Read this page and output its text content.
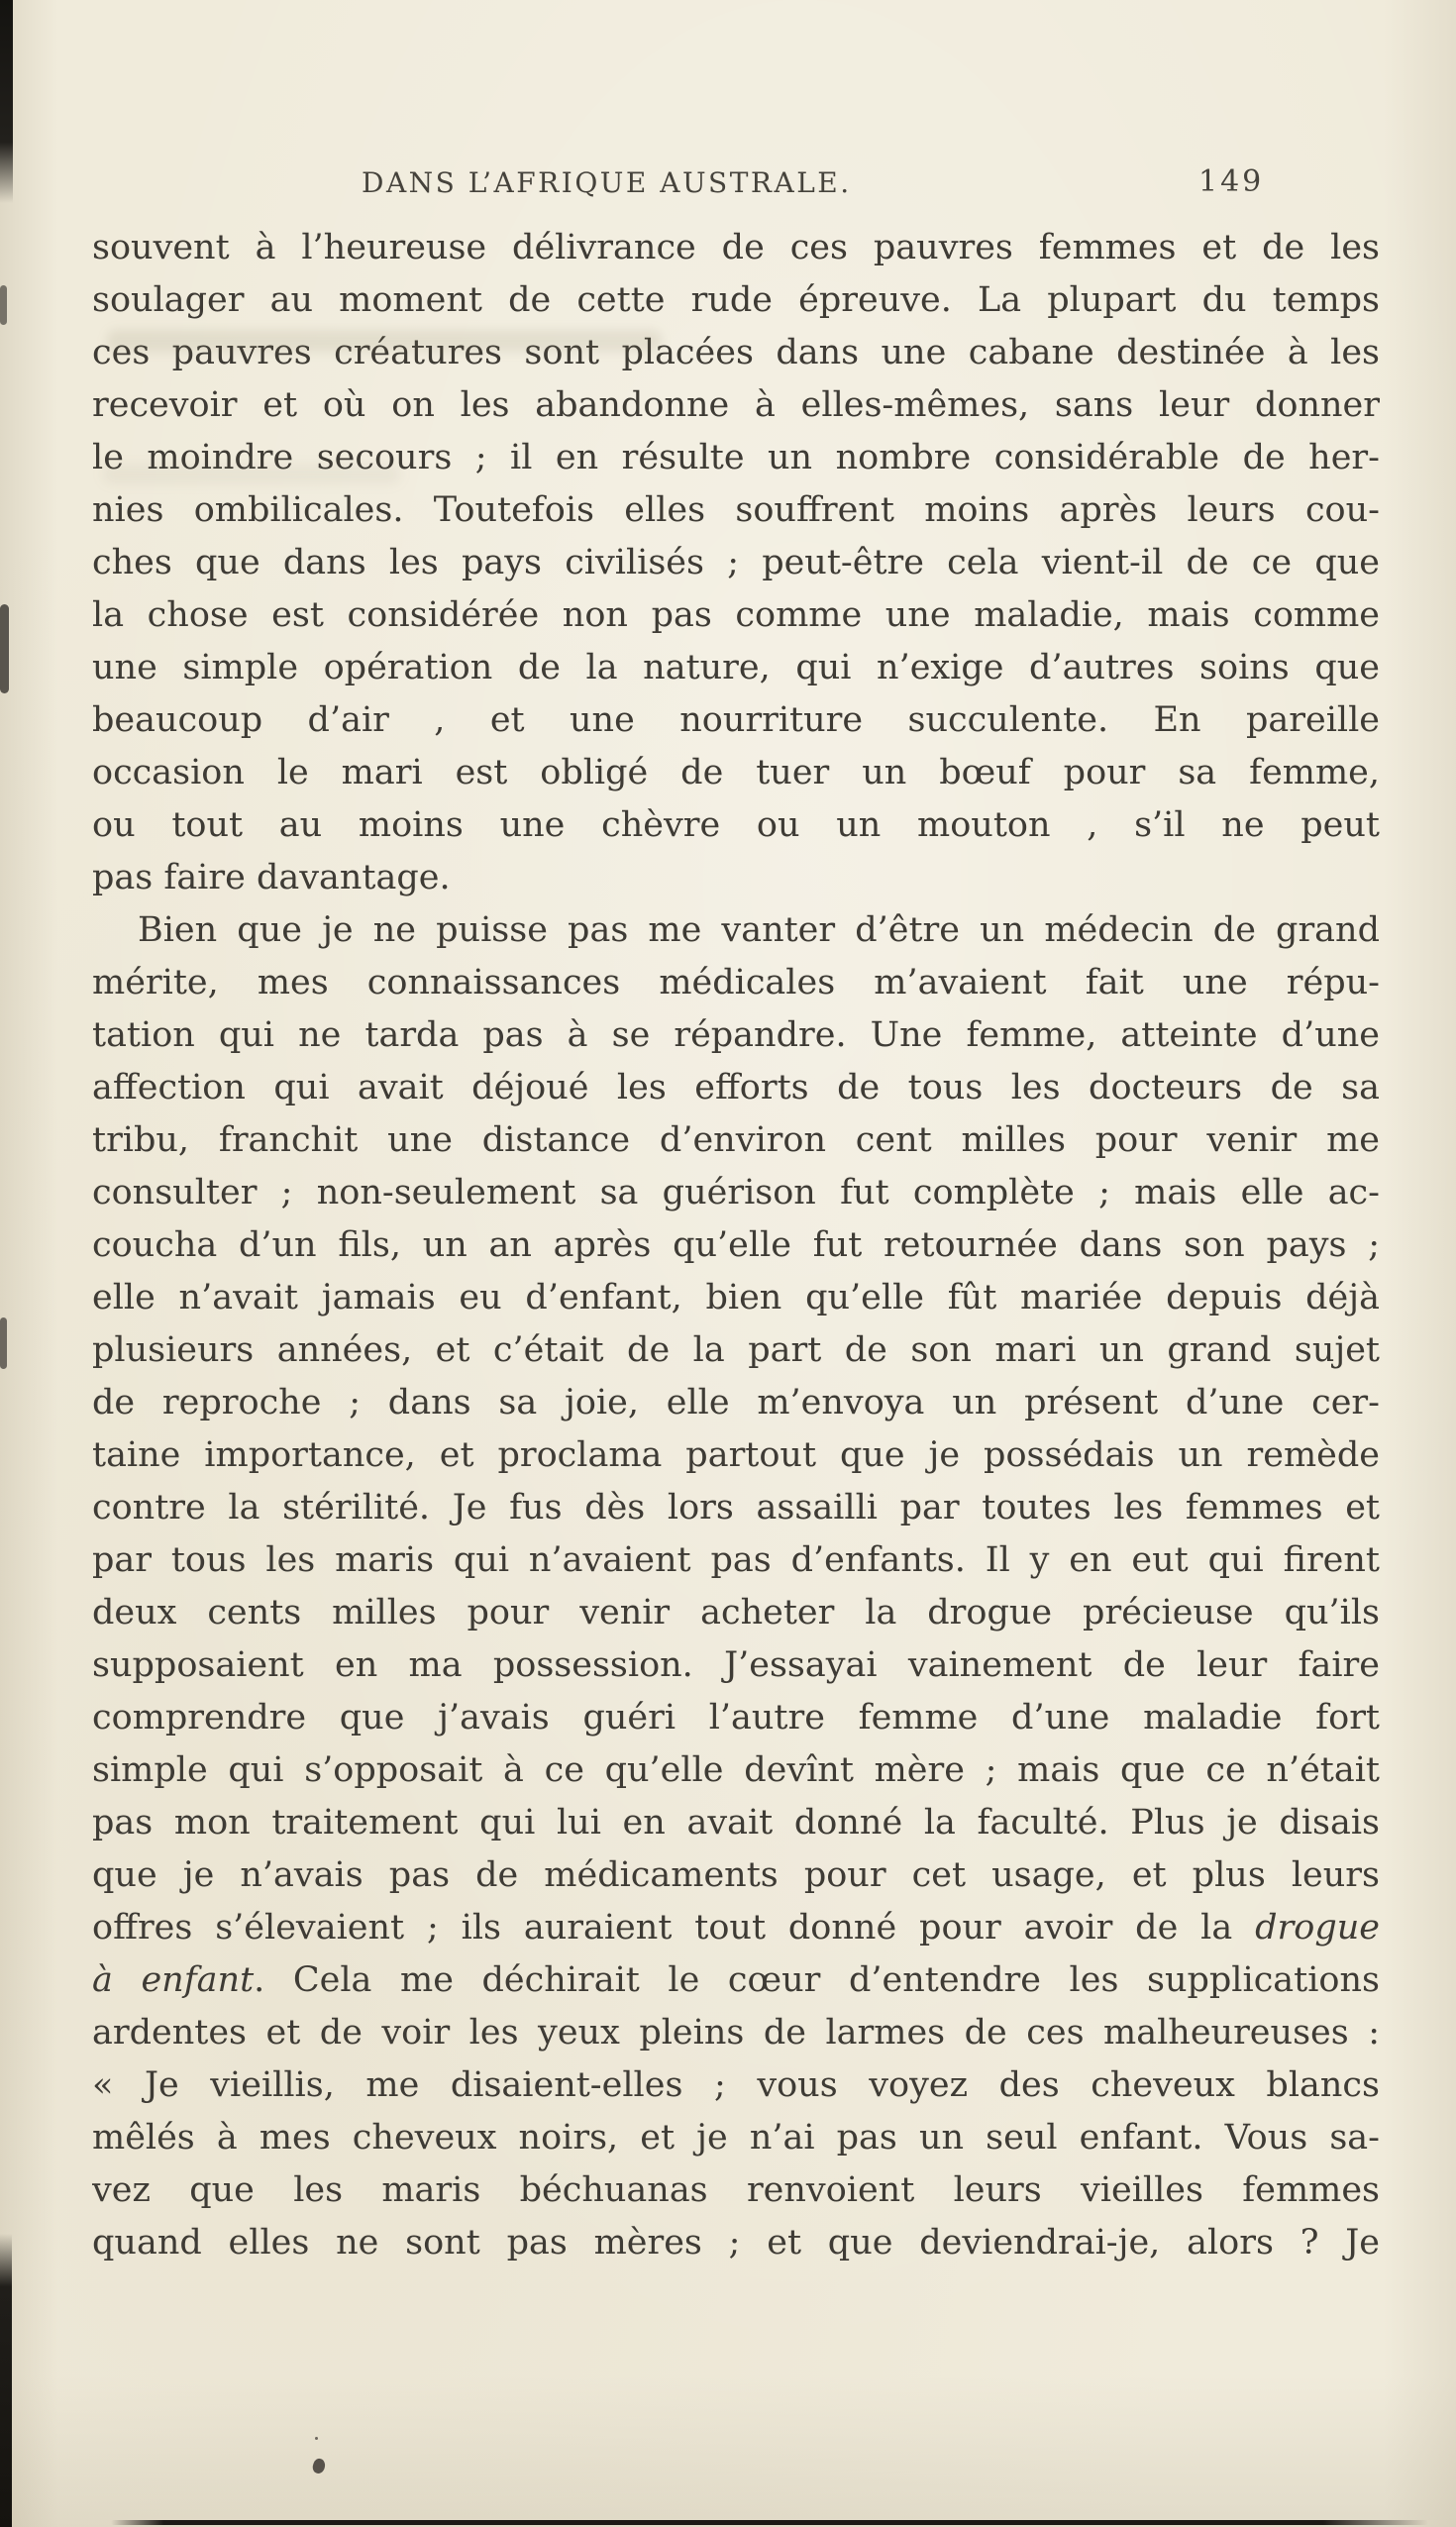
DANS L’AFRIQUE AUSTRALE.	149
souvent à l’heureuse délivrance de ces pauvres femmes et de les
soulager au moment de cette rude épreuve. La plupart du temps
ces pauvres créatures sont placées dans une cabane destinée à les
recevoir et où on les abandonne à elles-mêmes, sans leur donner
le moindre secours ; il en résulte un nombre considérable de her-
nies ombilicales. Toutefois elles souffrent moins après leurs cou-
ches que dans les pays civilisés ; peut-être cela vient-il de ce que
la chose est considérée non pas comme une maladie, mais comme
une simple opération de la nature, qui n’exige d’autres soins que
beaucoup d’air , et une nourriture succulente. En pareille
occasion le mari est obligé de tuer un bœuf pour sa femme,
ou tout au moins une chèvre ou un mouton , s’il ne peut
pas faire davantage.
Bien que je ne puisse pas me vanter d’être un médecin de grand
mérite, mes connaissances médicales m’avaient fait une répu-
tation qui ne tarda pas à se répandre. Une femme, atteinte d’une
affection qui avait déjoué les efforts de tous les docteurs de sa
tribu, franchit une distance d’environ cent milles pour venir me
consulter ; non-seulement sa guérison fut complète ; mais elle ac-
coucha d’un fils, un an après qu’elle fut retournée dans son pays ;
elle n’avait jamais eu d’enfant, bien qu’elle fût mariée depuis déjà
plusieurs années, et c’était de la part de son mari un grand sujet
de reproche ; dans sa joie, elle m’envoya un présent d’une cer-
taine importance, et proclama partout que je possédais un remède
contre la stérilité. Je fus dès lors assailli par toutes les femmes et
par tous les maris qui n’avaient pas d’enfants. Il y en eut qui firent
deux cents milles pour venir acheter la drogue précieuse qu’ils
supposaient en ma possession. J’essayai vainement de leur faire
comprendre que j’avais guéri l’autre femme d’une maladie fort
simple qui s’opposait à ce qu’elle devînt mère ; mais que ce n’était
pas mon traitement qui lui en avait donné la faculté. Plus je disais
que je n’avais pas de médicaments pour cet usage, et plus leurs
offres s’élevaient ; ils auraient tout donné pour avoir de la drogue
à enfant. Cela me déchirait le cœur d’entendre les supplications
ardentes et de voir les yeux pleins de larmes de ces malheureuses :
« Je vieillis, me disaient-elles ; vous voyez des cheveux blancs
mêlés à mes cheveux noirs, et je n’ai pas un seul enfant. Vous sa-
vez que les maris béchuanas renvoient leurs vieilles femmes
quand elles ne sont pas mères ; et que deviendrai-je, alors ? Je
